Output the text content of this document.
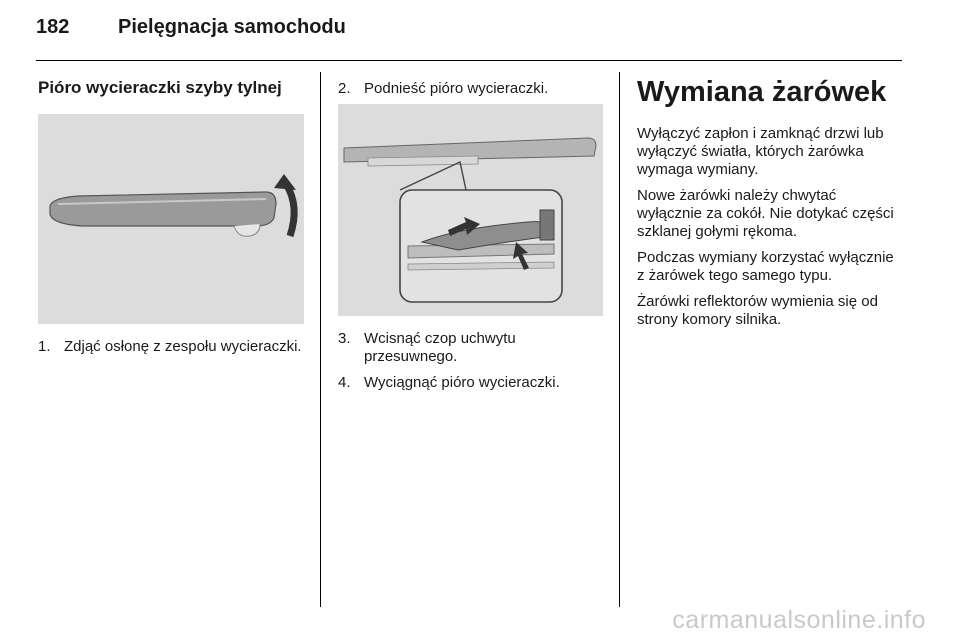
182 Pielęgnacja samochodu
Pióro wycieraczki szyby tylnej
1. Zdjąć osłonę z zespołu wycieraczki.
2. Podnieść pióro wycieraczki.
3. Wcisnąć czop uchwytu przesuwnego.
4. Wyciągnąć pióro wycieraczki.
Wymiana żarówek

Wyłączyć zapłon i zamknąć drzwi lub wyłączyć światła, których żarówka wymaga wymiany.

Nowe żarówki należy chwytać wyłącznie za cokół. Nie dotykać części szklanej gołymi rękoma.

Podczas wymiany korzystać wyłącznie z żarówek tego samego typu.

Żarówki reflektorów wymienia się od strony komory silnika.

carmanualsonline.info
